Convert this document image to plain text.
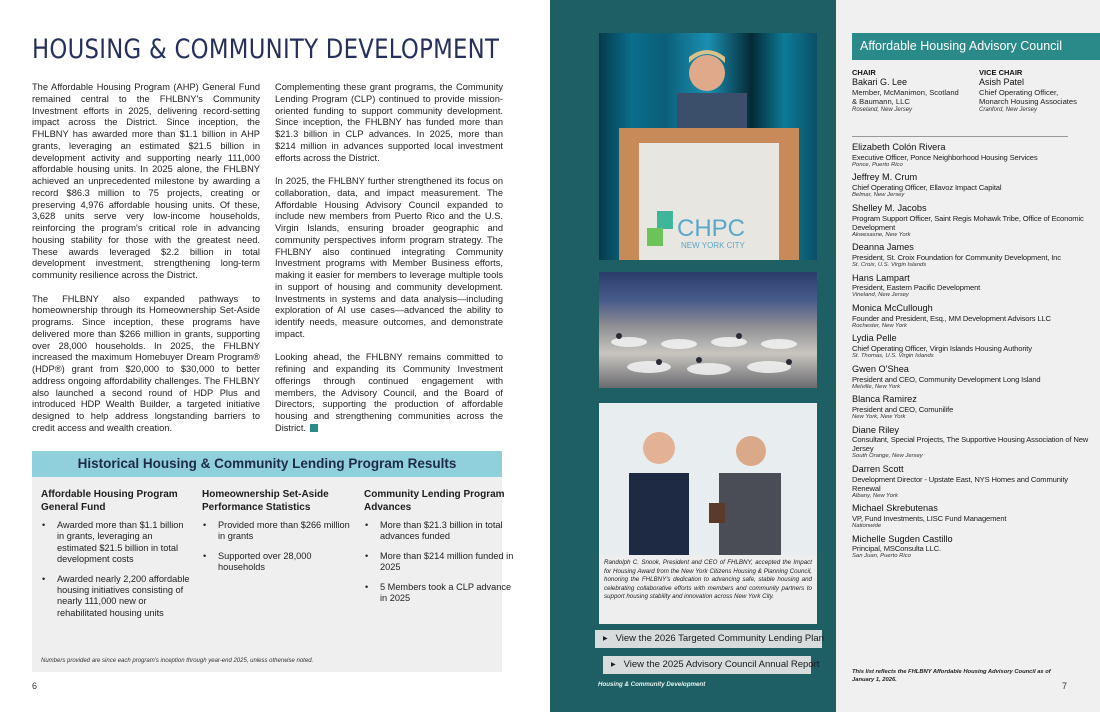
HOUSING & COMMUNITY DEVELOPMENT

The Affordable Housing Program (AHP) General Fund remained central to the FHLBNY's Community Investment efforts in 2025, delivering record-setting impact across the District. Since inception, the FHLBNY has awarded more than $1.1 billion in AHP grants, leveraging an estimated $21.5 billion in development activity and supporting nearly 111,000 affordable housing units. In 2025 alone, the FHLBNY achieved an unprecedented milestone by awarding a record $86.3 million to 75 projects, creating or preserving 4,976 affordable housing units. Of these, 3,628 units serve very low-income households, reinforcing the program's critical role in advancing housing stability for those with the greatest need. These awards leveraged $2.2 billion in total development investment, strengthening long-term community resilience across the District.

The FHLBNY also expanded pathways to homeownership through its Homeownership Set-Aside programs. Since inception, these programs have delivered more than $266 million in grants, supporting over 28,000 households. In 2025, the FHLBNY increased the maximum Homebuyer Dream Program® (HDP®) grant from $20,000 to $30,000 to better address ongoing affordability challenges. The FHLBNY also launched a second round of HDP Plus and introduced HDP Wealth Builder, a targeted initiative designed to help address longstanding barriers to credit access and wealth creation.

Complementing these grant programs, the Community Lending Program (CLP) continued to provide mission-oriented funding to support community development. Since inception, the FHLBNY has funded more than $21.3 billion in CLP advances. In 2025, more than $214 million in advances supported local investment efforts across the District.

In 2025, the FHLBNY further strengthened its focus on collaboration, data, and impact measurement. The Affordable Housing Advisory Council expanded to include new members from Puerto Rico and the U.S. Virgin Islands, ensuring broader geographic and community perspectives inform program strategy. The FHLBNY also continued integrating Community Investment programs with Member Business efforts, making it easier for members to leverage multiple tools in support of housing and community development. Investments in systems and data analysis—including exploration of AI use cases—advanced the ability to identify needs, measure outcomes, and demonstrate impact.

Looking ahead, the FHLBNY remains committed to refining and expanding its Community Investment offerings through continued engagement with members, the Advisory Council, and the Board of Directors, supporting the production of affordable housing and strengthening communities across the District.

Historical Housing & Community Lending Program Results
Affordable Housing Program General Fund
• Awarded more than $1.1 billion in grants, leveraging an estimated $21.5 billion in total development costs
• Awarded nearly 2,200 affordable housing initiatives consisting of nearly 111,000 new or rehabilitated housing units
Homeownership Set-Aside Performance Statistics
• Provided more than $266 million in grants
• Supported over 28,000 households
Community Lending Program Advances
• More than $21.3 billion in total advances funded
• More than $214 million funded in 2025
• 5 Members took a CLP advance in 2025
Numbers provided are since each program's inception through year-end 2025, unless otherwise noted.
6
CHPC
NEW YORK CITY
Randolph C. Snook, President and CEO of FHLBNY, accepted the Impact for Housing Award from the New York Citizens Housing & Planning Council, honoring the FHLBNY's dedication to advancing safe, stable housing and celebrating collaborative efforts with members and community partners to support housing stability and innovation across New York City.
▶ View the 2026 Targeted Community Lending Plan
▶ View the 2025 Advisory Council Annual Report
Housing & Community Development
Affordable Housing Advisory Council
CHAIR
Bakari G. Lee
Member, McManimon, Scotland & Baumann, LLC
Roseland, New Jersey
VICE CHAIR
Asish Patel
Chief Operating Officer, Monarch Housing Associates
Cranford, New Jersey
Elizabeth Colón Rivera
Executive Officer, Ponce Neighborhood Housing Services
Ponce, Puerto Rico
Jeffrey M. Crum
Chief Operating Officer, Ellavoz Impact Capital
Belmar, New Jersey
Shelley M. Jacobs
Program Support Officer, Saint Regis Mohawk Tribe, Office of Economic Development
Akwesasne, New York
Deanna James
President, St. Croix Foundation for Community Development, Inc
St. Croix, U.S. Virgin Islands
Hans Lampart
President, Eastern Pacific Development
Vineland, New Jersey
Monica McCullough
Founder and President, Esq., MM Development Advisors LLC
Rochester, New York
Lydia Pelle
Chief Operating Officer, Virgin Islands Housing Authority
St. Thomas, U.S. Virgin Islands
Gwen O'Shea
President and CEO, Community Development Long Island
Melville, New York
Blanca Ramirez
President and CEO, Comunilife
New York, New York
Diane Riley
Consultant, Special Projects, The Supportive Housing Association of New Jersey
South Orange, New Jersey
Darren Scott
Development Director - Upstate East, NYS Homes and Community Renewal
Albany, New York
Michael Skrebutenas
VP, Fund Investments, LISC Fund Management
Nationwide
Michelle Sugden Castillo
Principal, MSConsulta LLC.
San Juan, Puerto Rico
This list reflects the FHLBNY Affordable Housing Advisory Council as of January 1, 2026.
7
